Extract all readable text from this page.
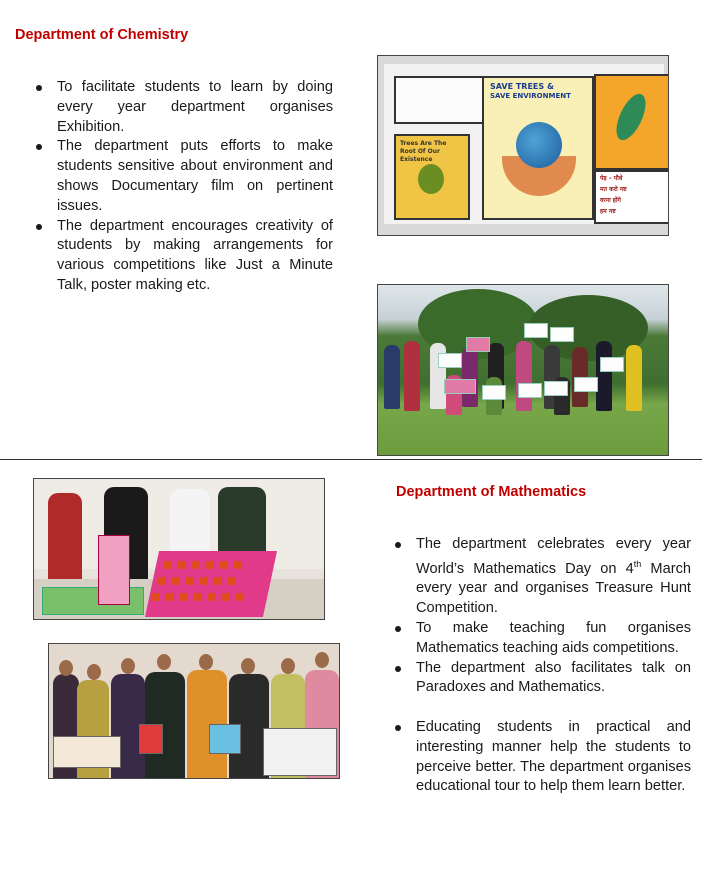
Department of Chemistry
To facilitate students to learn by doing every year department organises Exhibition.
The department puts efforts to make students sensitive about environment and shows Documentary film on pertinent issues.
The department encourages creativity of students by making arrangements for various competitions like Just a Minute Talk, poster making etc.
Trees Are The
Root Of Our
Existence
SAVE TREES &
SAVE ENVIRONMENT
पेड़ – पौधे
मत करो नष्ट
वरना होंगे
हम नष्ट
Department of Mathematics
The department celebrates every year World’s Mathematics Day on 4th March every year and organises Treasure Hunt Competition.
To make teaching fun organises Mathematics teaching aids competitions.
The department also facilitates talk on Paradoxes and Mathematics.
Educating students in practical and interesting manner help the students to perceive better. The department organises educational tour to help them learn better.
